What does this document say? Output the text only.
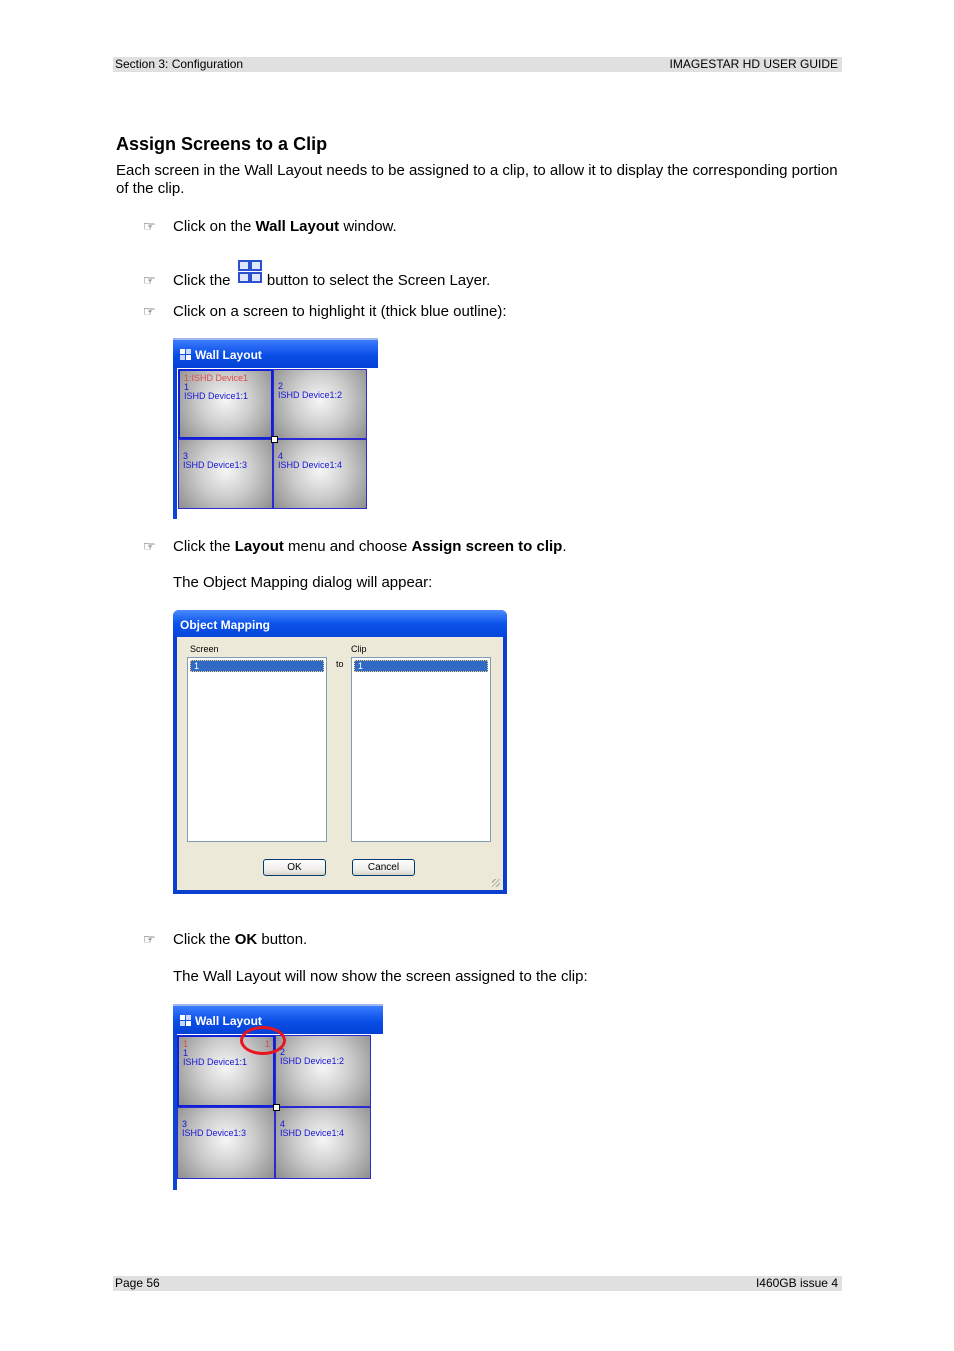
Section 3: Configuration	IMAGESTAR HD USER GUIDE
Assign Screens to a Clip

Each screen in the Wall Layout needs to be assigned to a clip, to allow it to display the corresponding portion of the clip.

☞ Click on the Wall Layout window.
☞ Click the
button to select the Screen Layer.
☞ Click on a screen to highlight it (thick blue outline):
Wall Layout
1:ISHD Device1
1
ISHD Device1:1

2
ISHD Device1:2

3
ISHD Device1:3

4
ISHD Device1:4
☞ Click the Layout menu and choose Assign screen to clip.
The Object Mapping dialog will appear:
Object Mapping
Screen
to
Clip
1	1
OK	Cancel
☞ Click the OK button.
The Wall Layout will now show the screen assigned to the clip:
Wall Layout
1	1
1
ISHD Device1:1

2
ISHD Device1:2

3
ISHD Device1:3

4
ISHD Device1:4
Page 56	I460GB issue 4
